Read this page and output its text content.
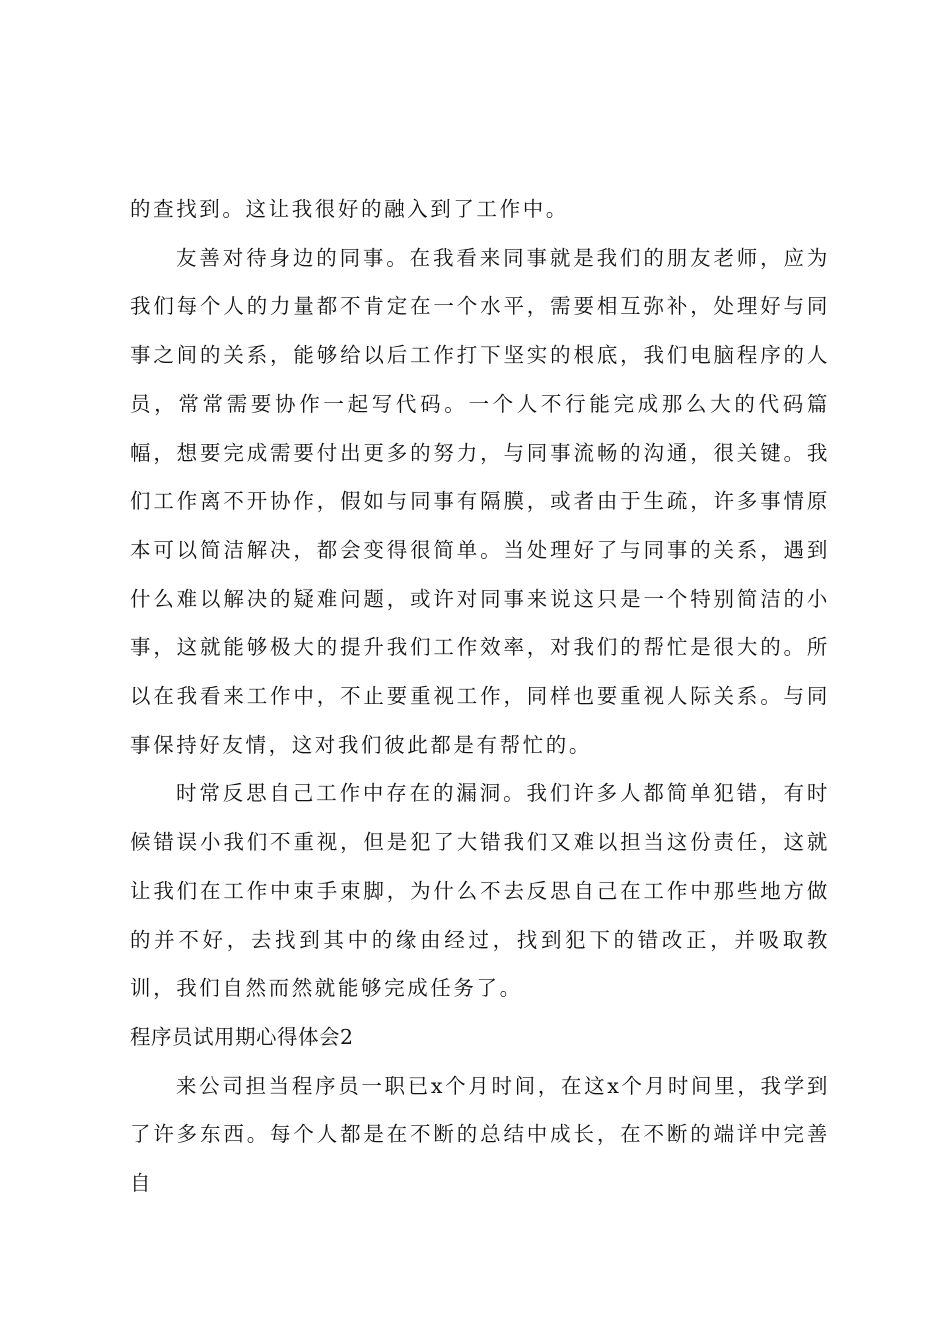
的查找到。这让我很好的融入到了工作中。

友善对待身边的同事。在我看来同事就是我们的朋友老师，应为我们每个人的力量都不肯定在一个水平，需要相互弥补，处理好与同事之间的关系，能够给以后工作打下坚实的根底，我们电脑程序的人员，常常需要协作一起写代码。一个人不行能完成那么大的代码篇幅，想要完成需要付出更多的努力，与同事流畅的沟通，很关键。我们工作离不开协作，假如与同事有隔膜，或者由于生疏，许多事情原本可以简洁解决，都会变得很简单。当处理好了与同事的关系，遇到什么难以解决的疑难问题，或许对同事来说这只是一个特别简洁的小事，这就能够极大的提升我们工作效率，对我们的帮忙是很大的。所以在我看来工作中，不止要重视工作，同样也要重视人际关系。与同事保持好友情，这对我们彼此都是有帮忙的。

时常反思自己工作中存在的漏洞。我们许多人都简单犯错，有时候错误小我们不重视，但是犯了大错我们又难以担当这份责任，这就让我们在工作中束手束脚，为什么不去反思自己在工作中那些地方做的并不好，去找到其中的缘由经过，找到犯下的错改正，并吸取教训，我们自然而然就能够完成任务了。

程序员试用期心得体会2

来公司担当程序员一职已x个月时间，在这x个月时间里，我学到了许多东西。每个人都是在不断的总结中成长，在不断的端详中完善自
